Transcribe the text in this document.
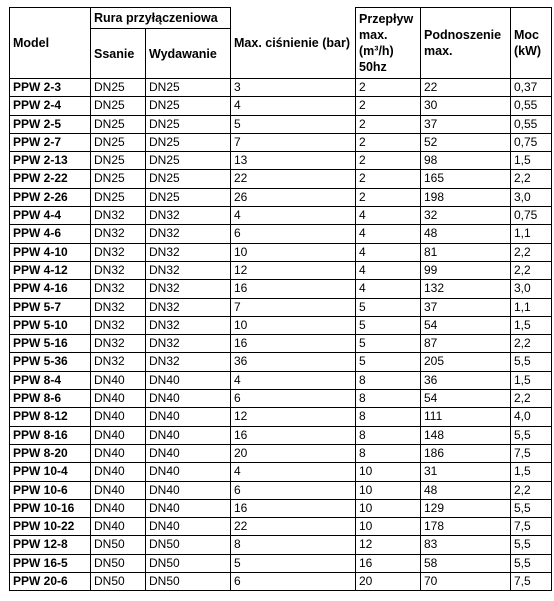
Model	Rura przyłączeniowa		Max. ciśnienie (bar)	Przepływ
max.
(m³/h)
50hz	Podnoszenie max.	Moc (kW)
	Ssanie	Wydawanie				
PPW 2-3	DN25	DN25	3	2	22	0,37
PPW 2-4	DN25	DN25	4	2	30	0,55
PPW 2-5	DN25	DN25	5	2	37	0,55
PPW 2-7	DN25	DN25	7	2	52	0,75
PPW 2-13	DN25	DN25	13	2	98	1,5
PPW 2-22	DN25	DN25	22	2	165	2,2
PPW 2-26	DN25	DN25	26	2	198	3,0
PPW 4-4	DN32	DN32	4	4	32	0,75
PPW 4-6	DN32	DN32	6	4	48	1,1
PPW 4-10	DN32	DN32	10	4	81	2,2
PPW 4-12	DN32	DN32	12	4	99	2,2
PPW 4-16	DN32	DN32	16	4	132	3,0
PPW 5-7	DN32	DN32	7	5	37	1,1
PPW 5-10	DN32	DN32	10	5	54	1,5
PPW 5-16	DN32	DN32	16	5	87	2,2
PPW 5-36	DN32	DN32	36	5	205	5,5
PPW 8-4	DN40	DN40	4	8	36	1,5
PPW 8-6	DN40	DN40	6	8	54	2,2
PPW 8-12	DN40	DN40	12	8	111	4,0
PPW 8-16	DN40	DN40	16	8	148	5,5
PPW 8-20	DN40	DN40	20	8	186	7,5
PPW 10-4	DN40	DN40	4	10	31	1,5
PPW 10-6	DN40	DN40	6	10	48	2,2
PPW 10-16	DN40	DN40	16	10	129	5,5
PPW 10-22	DN40	DN40	22	10	178	7,5
PPW 12-8	DN50	DN50	8	12	83	5,5
PPW 16-5	DN50	DN50	5	16	58	5,5
PPW 20-6	DN50	DN50	6	20	70	7,5
